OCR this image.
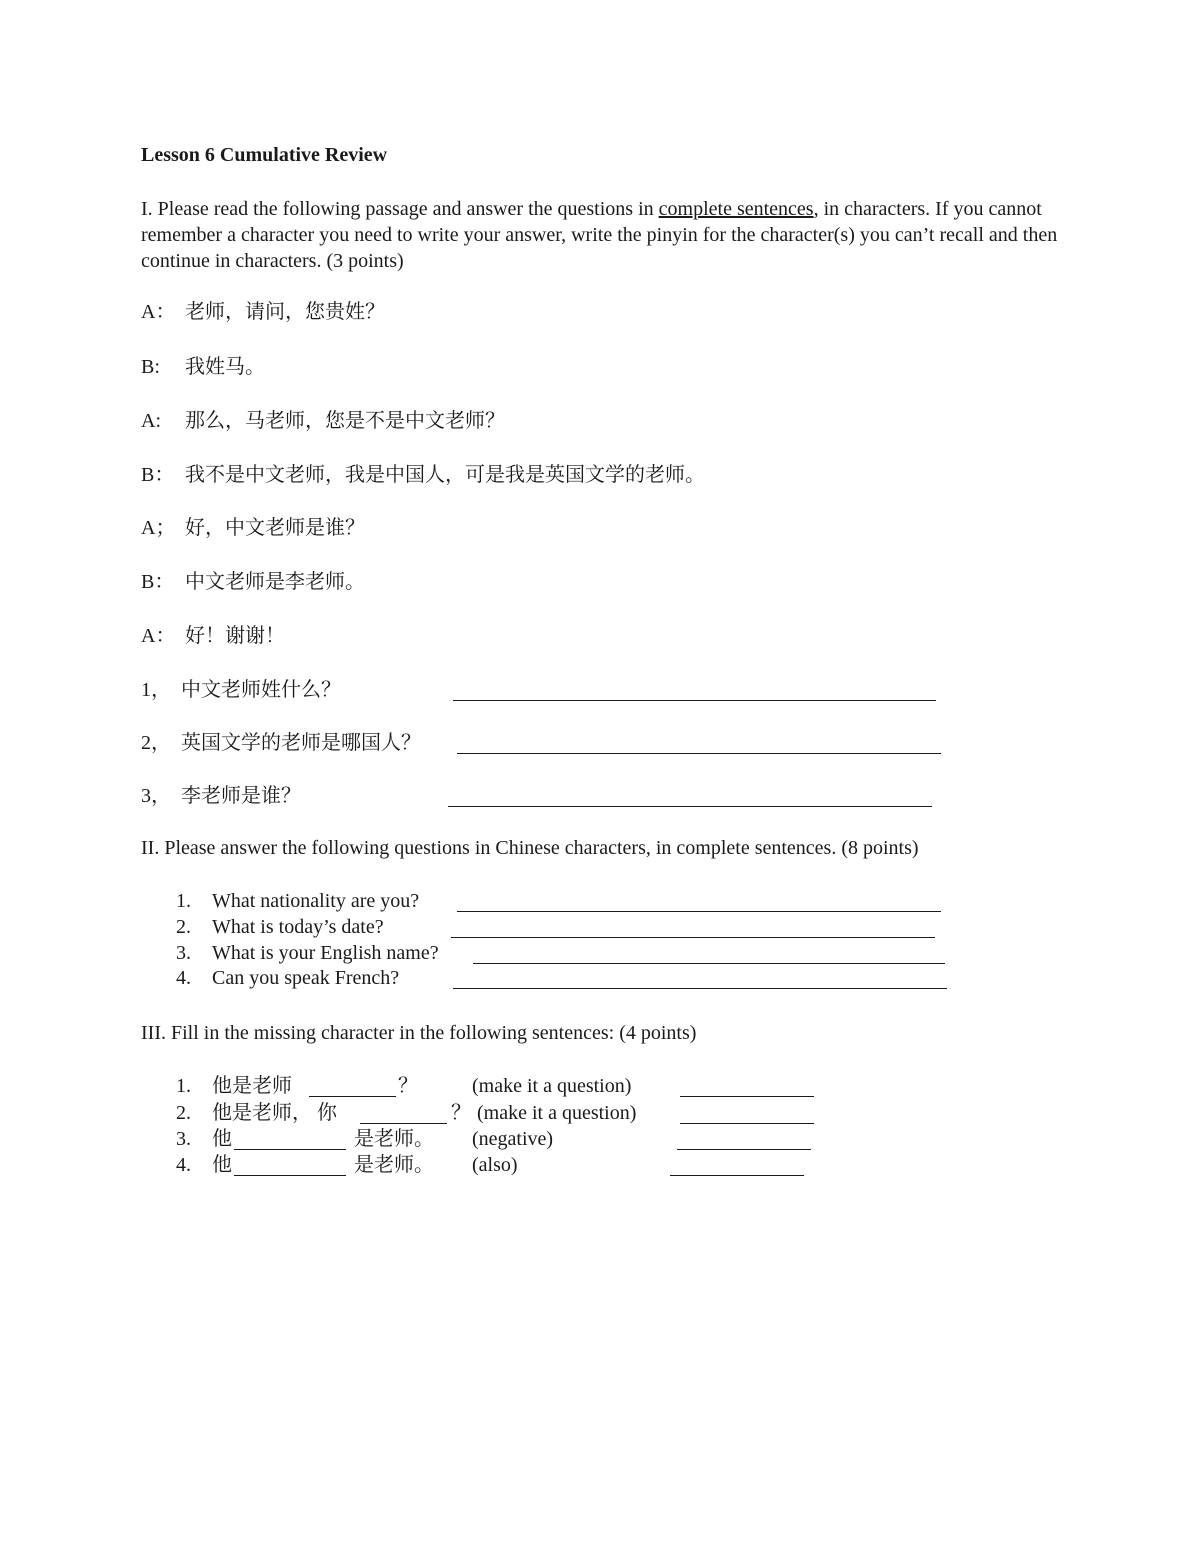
Lesson 6 Cumulative Review
I. Please read the following passage and answer the questions in complete sentences, in characters. If you cannot remember a character you need to write your answer, write the pinyin for the character(s) you can’t recall and then continue in characters. (3 points)
A： 老师，请问，您贵姓？
B: 我姓马。
A: 那么，马老师，您是不是中文老师？
B： 我不是中文老师，我是中国人，可是我是英国文学的老师。
A； 好，中文老师是谁？
B： 中文老师是李老师。
A： 好！谢谢！
1， 中文老师姓什么？
2， 英国文学的老师是哪国人？
3， 李老师是谁？
II. Please answer the following questions in Chinese characters, in complete sentences. (8 points)
1. What nationality are you?
2. What is today’s date?
3. What is your English name?
4. Can you speak French?
III. Fill in the missing character in the following sentences: (4 points)
1. 他是老师	？	(make it a question)
2. 他是老师， 你	？ (make it a question)
3. 他	是老师。 (negative)
4. 他	是老师。 (also)
